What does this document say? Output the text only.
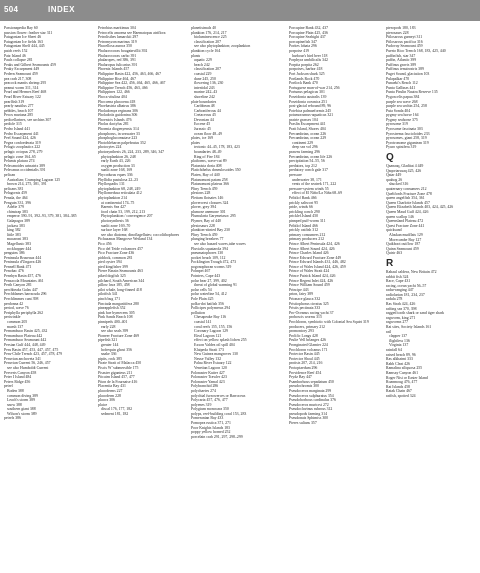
504	INDEX
Passionapedia Bay 60
passion flower: feather star 311
Patagonian Ice Sheet 46
Patagonian Ice fields 163
Patagonian Shelf 444, 445
patch reefs 152
Patz Island 46
Pauls collapse 281
Peaks and Gilbert Seamounts 459
Peaky Escarpment 449
Pedern Seamount 459
pea crab 217, 308
peacock mantis shrimp 295
peanut worm 311, 314
Pearl and Hermes Reef 468
Pearl River Estuary 122
pearlfish 319
pearly nautilus 277
pebbles, beach 107
Pecos mariana 285
pedicellarines, see urchins 307
pedicle 315
Pedro Island 441
Pedro Escarpment 441
Peel Sound 424, 426
Pegea confoederata 319
Pelagic zooplastics 222
pelagic octopus 278, 279
pelagic zone 164–65
Pelamis platura 274
Pelecanoides urinatrix 389
Pelecanus occidentalis 391
pelican
Australian; Crumping Lagoon 125
brown 214, 275, 381, 391
pelicans 381
Pelagornis 459
Penala, the 464
Penguin 331, 396
Adelie 379
chinstrap 383
emperor 390–91, 392–93, 379, 381, 384–385
Galapagos 389
jackass 383
king 382
little 383
macaroni 383
Magellanic 383
rockhopper 444
penguins 386
Peninsula Bruseaux 444
Peninsula d'Ungava 426
Pennell Bank 471
Penobac 476
Penrhyn Basin 457, 476
Pensacola Mountains 461
Perth Canyon 281
perchbeaks Galas 447
Perchblames barracuda 296
Perchlimmes cunt 398
perdonna 42
period, wave 76
Periphylla periphylla 262
periwinkle
common 205
marsh 137
Pernambuco Basin 425, 432
Pernambuco Plateau 442
Pernambuco Seamount 442
Persian Gulf 444, 448, 449
Peru Basin 457, 453, 447, 457, 475
Peru-Chile Trench 423, 457, 478, 479
Peruvian anchoveta 341
Peruvian Current 56, 246, 457
see also Humboldt Current
Perverts Canyon 458
Peter I Island 484
Peters Ridge 456
petrel
Boden 388
common diving 389
Leach's storm 389
snow 388
southern giant 388
Wilson's storm 389
petrels 386
Petrobius maritimus 304
Petrocelis amoena see Haematopus atriflora
Petrolisthes lamarckii 297
Petromyzon marinus 319
Phacellosa aurora 350
Phalacrocorax bougainvillii 392
Phalacrocorax carbo 391
phalaropes, red 386, 391
Phalaropus fulicarius 391
Phoenix Islands 457
Philippine Basin 422, 456, 463, 466, 467
Philippine Rise 464, 467
Philippine Sea 422, 456, 464, 465, 466, 467
Philippine Trench 456, 463, 466
Philippines 122, 466
Phoca vitulina 404
Phocoena phocoena 418
Phoebastria albatrus 386
Pholadomya reginans 306
Pholadotis guidonina 306
Phoenicis Islands 476
Pholas dactylus 281
Phormia diogenyensis 314
phosphorus, in seawater 33
phosphoglucomutase 223
Photobleharon palpebratus 352
photocytes 224
photosynthesis 26, 224, 233, 289, 346, 347
phytoplankton 26, 248
early Earth 43, 226
oxygen production 33
sunlit zone 168, 169
Phycodurus eques 336
Phyllidia pustulosa 22–23
Phyllospadix 131
phytoplankton 68, 248, 249
Phyllomedusa reticulata 412
phytoplankton 214
at continental 174–75
Barents Sea 427
food chain 53, 199, 212, 213
Phytoplankton / convergence 207
photosynthesis 36
sunlit zone 169–70
surface layer 168
see also diatoms; dinoflagellates; coccolithophores
Pichaxanas Mangrove Wetland 134
Pico 456
Pico del Teide volcanoes 457
Pico Fracture Zone 436
piddock, common 281
pied oyster 394
pied kingfisher 399
Pierre Bassin Seamounts 463
piked dogfish 325
pilchard, South American 344
pillow lava 185, 458
pilot whale, long-finned 418
pilotfish 341
pinch bug 171
Pinctada margaritifera 280
pineapplefish 352
pink hoe byrnecens 305
Pink Sands Beach 108
pinnipeds 400–401
early 228
see also seals 399
Pioneer Fracture Zone 469
pipefish 321
greater 144
hofrequin ghost 356
snake 336
pipits, rock 385
Pirate Strait of Malacca 450
Piscis W 'submersible 175
Pisaster giganteus 211
Pitcairn Island 457, 477
Piton de la Fournaise 416
Placentia Bay 431
placoderms 227
placoderm 228
placox 306
plaice
discal 176, 177, 182
sedment 181, 182
planetisimals 40
plankton 176, 214, 217
bioluminescence 225
classification 207
see also phytoplankton; zooplankton
plankton cycle 164
plants
aquatic 229
beach 242
classification 207
coastal 229
dune 245, 250
flowering 136, 230
intertidal 243
marine 242–43
shoreline 242
plate boundaries
Caribbean 48
Carboniferous 44
Cretaceous 45
Devonian 44
Eocene 45
Jurassic 45
ocean floor 48–49
plates, ice 169
plates
tectonic 44–45, 178, 183, 423
boundaries 48–49
Ring of Fire 184
platforms, wave-cut 89
Platanista doria 408
Platichthelus doneulosoides 350
Platen, Bay of 440
Platanomoni patam 258
Platanomoni plateus 366
Pliny Trench 459
plesions 228
Plettam flotsates 146
plovercrest closures 324
plover, grey 394
plumose anemone 301
Plumularia Garymetasoc 295
Plymer, Bay of 440
plesiosaurs 228
plankton-stinted Bay 230
Pliny Trench 459
plunging breakers 77
see also hazard waves,tabe waves
Pluvialis squatarola 394
pneumatophores 130
pocket beach 109, 112
Pocklington Trough 472, 473
pogonophoran worms 319
Pohnpei 467
Pointers, Cape 443
polar bear 27, 399, 402
threat of global warming 91
polar cells 54
polar waterline 54, 412
Pole Plain 425
polka-dot batfish 356
Pollicipes polymerus 294
pollution
Chesapeake Bay 116
coastal 141
coral reefs 155, 155, 156
Coronary Lagoon 129
Eleal Lagoon 121
effect on yellow splash lichen 255
Exxon Valdez oil spill 404
Klaipeda Strait 173
New Guinea mangroves 130
Neuse Valley 132
Palau River Estuary 122
Venetian Lagoon 120
Polonaster Kutter 427
Polonaster Trawler 423
Polonaster Yamal 423
Polybranchid 286
polychaetes 274
polychial furrowerces or Barroceus
Polycaria 457, 476, 477
polyenes 319
Polygium monocara 350
polyps, reef-building coral 153, 283
Pomeranian Bay 433
Pomopea rustica 371, 271
Poor Knights Islands 183
poppy yellow horned 252
porcelain crab 291, 297, 298–299
Porcupine Bank 432, 437
Porcupine Plain 425, 436
Porcupine Seabight 437
porcupinefish 347
Porites lobata 296
porpoise 419
harbour's bird beer 118
Porphyra umbilicalis 342
Porpita porpita 262
porpoises, harbor 418
Port Jackson shark 325
Portlands Rock 470
Portlock Bank 470
Portuguese man-of-war 214, 256
Portunus pelagicus 301
Poseidonia australis 139
Poseidonia oceanica 251
post-glacial rebound 89, 96
Potebica palmaeformis 245
potamocumus-aquaticus 321
prairie grasses 104
Praslin Escarpment 441
Pratt Island, Shores 404
Precambrian, ocean 226
Precambrian, ocean 229
continent 229
deep sea vol 296
prawns farming 296
Precambrian, ocean life 226
precipitation 54–55, 56
predators, top 212
predatory conch gale 317
pressure
underwater 38, 171
vents of the seatrek 171, 222
pressure-system winds 55
effect of El Niño/La Niña 68–69
Pribilof Bank 466
prickly saltwort 95
pride, winds 66
prickling conch 290
pricklef.Island 450
pinnped puff-worm 311
Pribilof Island 466
prickly oatfish 312
primary consumers 212
primary producers 212
Prince Albert Peninsula 424, 426
Prince Albert Sound 424, 426
Prince Charles Island 426
Prince Edward Fracture Zone 449
Prince Edward Islands 431, 446, 482
Prince of Wales Island 424, 426, 459
Prince of Wales Strait 424
Prince Patrick Island 424, 426
Prince Regent Inlet 424, 426
Prince William Sound 459
Principe 443
prion, fairy 389
Prionace glauca 332
Pristiophorus cirratus 325
Pristis pectinata 333
Pro-Oceanus racing yacht 37
proboscis worms 315
Prochloron, symbiotic with Colonial Sea Squirt 319
producers, primary 212
promontory 293
Prolific Longs 428
Prulie Vell brlanges 426
Pronginated Glamier 224
Prochloron volcanus 171
Protector Basin 445
Protector Shoal 445
protists 207, 214, 216
Protoptaedum 296
Providence Reef 454
Prydz Bay 447
Psamborhous sepadatum 450
pseudochromis 300
Pseudoceros marginata 299
Pseudoceros sulphuratus 354
Pseudoborhous cardinalus 376
Pseudoceros muricrst 272
Pseudoclavinus rubrous 312
pseudopods farming 314
Pseudonais Sphimiss 300
Pteres sulians 357
pteropods 180, 183
pterosaurs 228
Ptilosarcus gurneyi 311
Ptilosarcus pacifica 316
Pudovay Seamount 459
Puerto Rico Trench 168, 183, 425, 440
puffinfish, star 347
puffin, Atlantic 399
Puffinus gravis 389
Puffinus tenuirostris 389
Puget Sound, glaciation 103
Pulapalkar 470
Punaeki's Reach 112
Punta Gallinas 441
Punta Pirulin Nautra Reserve 135
Pygoscelis papua 384
purple sea wave 268
purple sea urchin 254, 258
Puta Sonda 404
pygmy sea horse 164
Pygmy seahorse 375
pyrosome 319
Pyrosome fascinata 303
Pyrostrema fascioloides 233
pyrosomes, giant 258, 319
Pyrotronome gigantean 319
Pyuro spinifera 319
Q
Qaanaaq, Gladitat 4 449
Qaqortarsuaq 425, 426
Qatar 449
quahog 26
shucked 316
quaternary consumers 212
Queltfords Fracture Zone 478
queen angelfish 354, 361
Queen Charlotte Islands 457
Queen Elizabeth Islands 403, 424, 425, 426
Queen Maud Gulf 424, 426
queen scallop 146
Queensland Plateau 472
Quest Fracture Zone 441
quicksand
Alaskan mudflats 129
Morecambe Bay 127
Quikboot outflow 187
Quinn Seamount 459
Quirir 463
R
Rabaul caldera, New Britain 472
rabbit fish 324
Race, Cape 431
racing, ocean yacht 56–57
radar-ranging 447
radiolarian 181, 234, 237
radula 278
Ras Sirah 424, 426
rafting sea 370, 398
ragged tooth shark or sand tiger shark
ragworm, king 271
ragworms 277
Rai sites, Society Islands 161
rail
clapper 137
flightless 136
Virginia 137
rainfall 64
raised beach 89, 96
Ras alkhaimi 333
Rabb Cleat 426
Ramalina siliquosa 255
Ramsay Canyon 461
Roger Nisi or Easter Island
Roanmoug 476, 477
Rat Islands 458
Ratak Chain 467
ratfish, spotted 324
